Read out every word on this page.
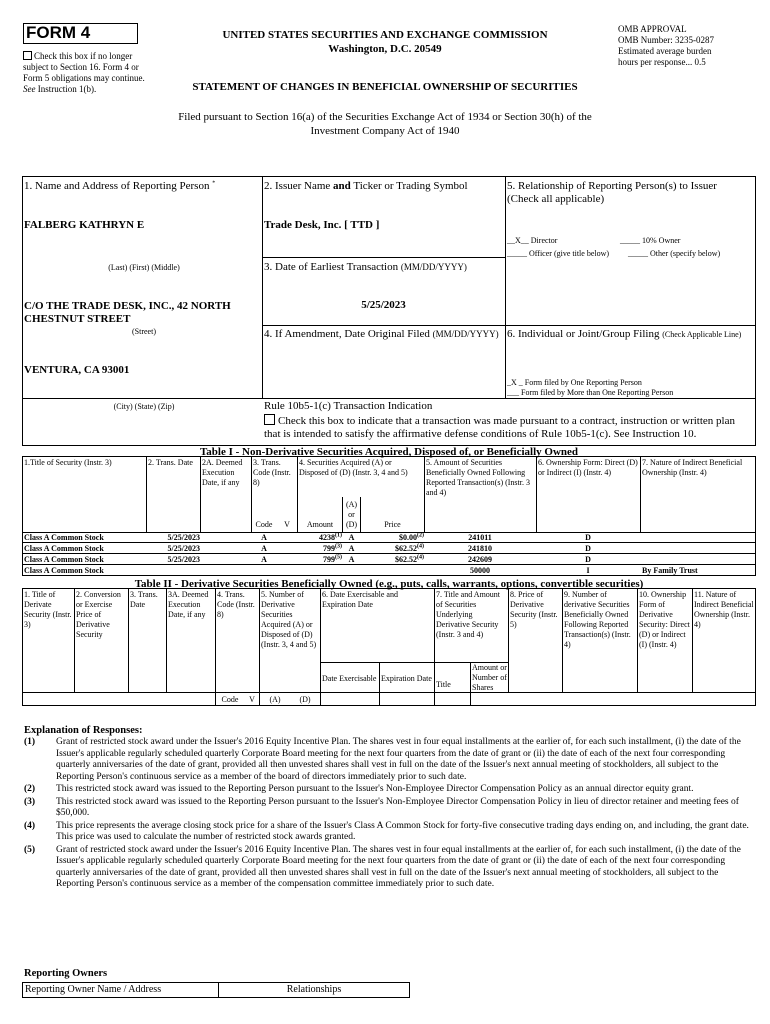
FORM 4
Check this box if no longer subject to Section 16. Form 4 or Form 5 obligations may continue. See Instruction 1(b).
UNITED STATES SECURITIES AND EXCHANGE COMMISSION
Washington, D.C. 20549
STATEMENT OF CHANGES IN BENEFICIAL OWNERSHIP OF SECURITIES
OMB APPROVAL
OMB Number: 3235-0287
Estimated average burden
hours per response... 0.5
Filed pursuant to Section 16(a) of the Securities Exchange Act of 1934 or Section 30(h) of the
Investment Company Act of 1940
1. Name and Address of Reporting Person *
FALBERG KATHRYN E
(Last) (First) (Middle)
C/O THE TRADE DESK, INC., 42 NORTH CHESTNUT STREET
(Street)
VENTURA, CA 93001
(City) (State) (Zip)
2. Issuer Name and Ticker or Trading Symbol
Trade Desk, Inc. [ TTD ]
3. Date of Earliest Transaction (MM/DD/YYYY)
5/25/2023
4. If Amendment, Date Original Filed (MM/DD/YYYY)
5. Relationship of Reporting Person(s) to Issuer
(Check all applicable)
__X__ Director	_____ 10% Owner
_____ Officer (give title below) _____ Other (specify below)
6. Individual or Joint/Group Filing (Check Applicable Line)
_X _ Form filed by One Reporting Person
___ Form filed by More than One Reporting Person
Rule 10b5-1(c) Transaction Indication
Check this box to indicate that a transaction was made pursuant to a contract, instruction or written plan that is intended to satisfy the affirmative defense conditions of Rule 10b5-1(c). See Instruction 10.
Table I - Non-Derivative Securities Acquired, Disposed of, or Beneficially Owned
1.Title of Security (Instr. 3)	2. Trans. Date	2A. Deemed Execution Date, if any
3. Trans. Code (Instr. 8)
4. Securities Acquired (A) or Disposed of (D) (Instr. 3, 4 and 5)
5. Amount of Securities Beneficially Owned Following Reported Transaction(s) (Instr. 3 and 4)
6. Ownership Form: Direct (D) or Indirect (I) (Instr. 4)
7. Nature of Indirect Beneficial Ownership (Instr. 4)
Code	V	Amount
(A) or (D)	Price
Class A Common Stock	5/25/2023	A	4238$^{(1)}$ A	$0.00$^{(2)}$	241011	D
Class A Common Stock	5/25/2023	A	799$^{(3)}$ A	$62.52$^{(4)}$	241810	D
Class A Common Stock	5/25/2023	A	799$^{(5)}$ A	$62.52$^{(4)}$	242609	D
Class A Common Stock	50000	I	By Family Trust
Table II - Derivative Securities Beneficially Owned (e.g., puts, calls, warrants, options, convertible securities)
1. Title of Derivate Security (Instr. 3)
2. Conversion or Exercise Price of Derivative Security
3. Trans. Date
3A. Deemed Execution Date, if any
4. Trans. Code (Instr. 8)
5. Number of Derivative Securities Acquired (A) or Disposed of (D) (Instr. 3, 4 and 5)
6. Date Exercisable and Expiration Date
7. Title and Amount of Securities Underlying Derivative Security (Instr. 3 and 4)
8. Price of Derivative Security (Instr. 5)
9. Number of derivative Securities Beneficially Owned Following Reported Transaction(s) (Instr. 4)
10. Ownership Form of Derivative Security: Direct (D) or Indirect (I) (Instr. 4)
11. Nature of Indirect Beneficial Ownership (Instr. 4)
Date Exercisable Expiration Date
Title
Amount or Number of Shares
Code	V	(A)	(D)
Explanation of Responses:
(1)	Grant of restricted stock award under the Issuer's 2016 Equity Incentive Plan. The shares vest in four equal installments at the earlier of, for each such installment, (i) the date of the Issuer's applicable regularly scheduled quarterly Corporate Board meeting for the next four quarters from the date of grant or (ii) the date of each of the next four corresponding quarterly anniversaries of the date of grant, provided all then unvested shares shall vest in full on the date of the Issuer's next annual meeting of stockholders, all subject to the Reporting Person's continuous service as a member of the board of directors immediately prior to such date.
(2)	This restricted stock award was issued to the Reporting Person pursuant to the Issuer's Non-Employee Director Compensation Policy as an annual director equity grant.
(3)	This restricted stock award was issued to the Reporting Person pursuant to the Issuer's Non-Employee Director Compensation Policy in lieu of director retainer and meeting fees of $50,000.
(4)	This price represents the average closing stock price for a share of the Issuer's Class A Common Stock for forty-five consecutive trading days ending on, and including, the grant date. This price was used to calculate the number of restricted stock awards granted.
(5)	Grant of restricted stock award under the Issuer's 2016 Equity Incentive Plan. The shares vest in four equal installments at the earlier of, for each such installment, (i) the date of the Issuer's applicable regularly scheduled quarterly Corporate Board meeting for the next four quarters from the date of grant or (ii) the date of each of the next four corresponding quarterly anniversaries of the date of grant, provided all then unvested shares shall vest in full on the date of the Issuer's next annual meeting of stockholders, all subject to the Reporting Person's continuous service as a member of the compensation committee immediately prior to such date.
Reporting Owners
Reporting Owner Name / Address	Relationships
